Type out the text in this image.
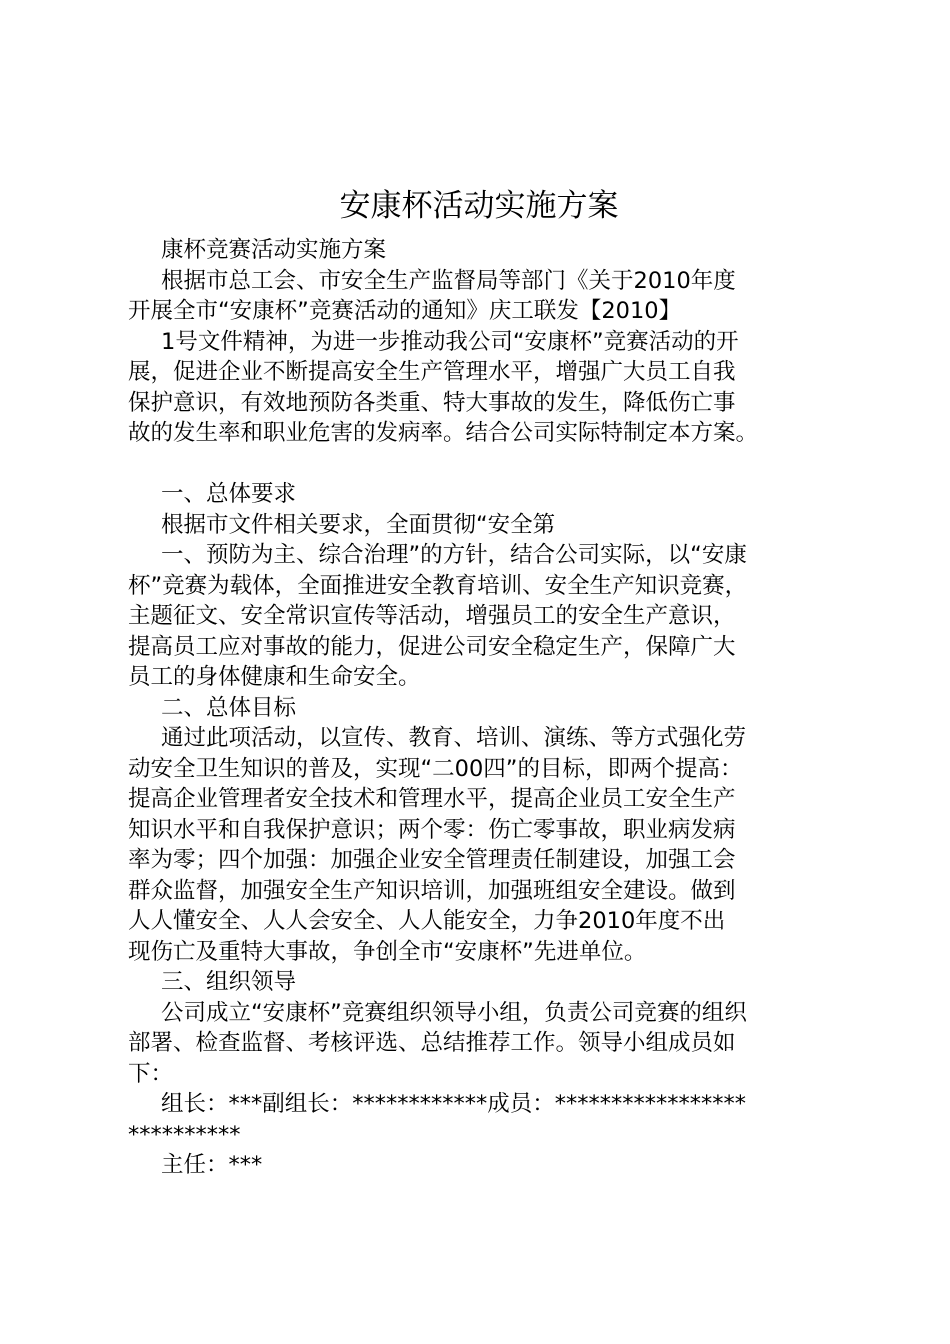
安康杯活动实施方案

康杯竞赛活动实施方案

根据市总工会、市安全生产监督局等部门《关于2010年度

开展全市“安康杯”竞赛活动的通知》庆工联发【2010】

1号文件精神，为进一步推动我公司“安康杯”竞赛活动的开

展，促进企业不断提高安全生产管理水平，增强广大员工自我

保护意识，有效地预防各类重、特大事故的发生，降低伤亡事

故的发生率和职业危害的发病率。结合公司实际特制定本方案。

一、总体要求

根据市文件相关要求，全面贯彻“安全第

一、预防为主、综合治理”的方针，结合公司实际，以“安康

杯”竞赛为载体，全面推进安全教育培训、安全生产知识竞赛，

主题征文、安全常识宣传等活动，增强员工的安全生产意识，

提高员工应对事故的能力，促进公司安全稳定生产，保障广大

员工的身体健康和生命安全。

二、总体目标

通过此项活动，以宣传、教育、培训、演练、等方式强化劳

动安全卫生知识的普及，实现“二00四”的目标，即两个提高：

提高企业管理者安全技术和管理水平，提高企业员工安全生产

知识水平和自我保护意识；两个零：伤亡零事故，职业病发病

率为零；四个加强：加强企业安全管理责任制建设，加强工会

群众监督，加强安全生产知识培训，加强班组安全建设。做到

人人懂安全、人人会安全、人人能安全，力争2010年度不出

现伤亡及重特大事故，争创全市“安康杯”先进单位。

三、组织领导

公司成立“安康杯”竞赛组织领导小组，负责公司竞赛的组织

部署、检查监督、考核评选、总结推荐工作。领导小组成员如

下：

组长：***副组长：************成员：*****************

**********

主任：***
